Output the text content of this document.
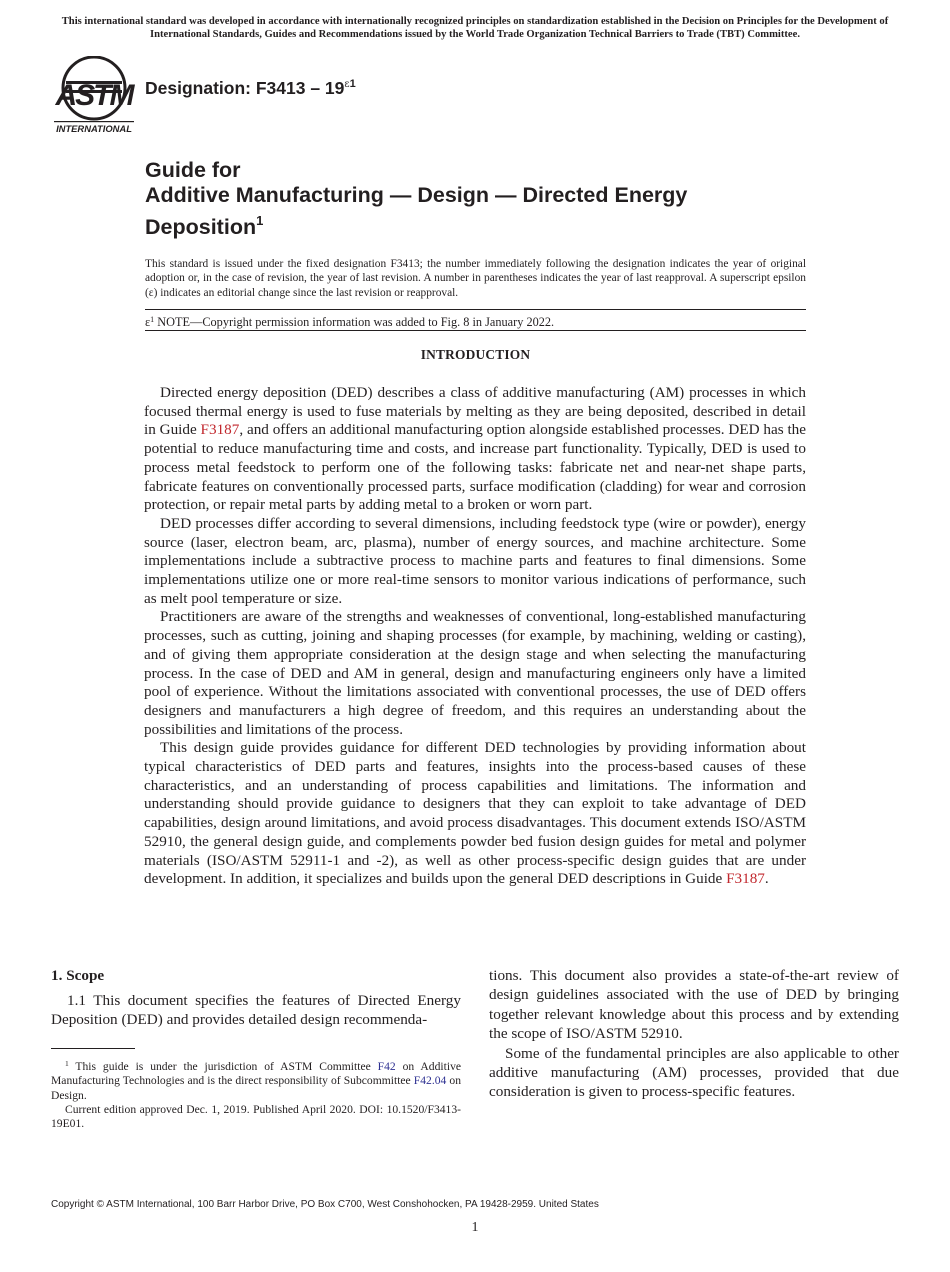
This international standard was developed in accordance with internationally recognized principles on standardization established in the Decision on Principles for the Development of International Standards, Guides and Recommendations issued by the World Trade Organization Technical Barriers to Trade (TBT) Committee.
ASTM
INTERNATIONAL
Designation: $F3413 - 19^{\varepsilon 1}$
Guide for
Additive Manufacturing — Design — Directed Energy
Deposition$^1$
This standard is issued under the fixed designation F3413; the number immediately following the designation indicates the year of original adoption or, in the case of revision, the year of last revision. A number in parentheses indicates the year of last reapproval. A superscript epsilon (ε) indicates an editorial change since the last revision or reapproval.
$\varepsilon^1$ NOTE—Copyright permission information was added to Fig. 8 in January 2022.
INTRODUCTION

Directed energy deposition (DED) describes a class of additive manufacturing (AM) processes in which focused thermal energy is used to fuse materials by melting as they are being deposited, described in detail in Guide F3187, and offers an additional manufacturing option alongside established processes. DED has the potential to reduce manufacturing time and costs, and increase part functionality. Typically, DED is used to process metal feedstock to perform one of the following tasks: fabricate net and near-net shape parts, fabricate features on conventionally processed parts, surface modification (cladding) for wear and corrosion protection, or repair metal parts by adding metal to a broken or worn part.

DED processes differ according to several dimensions, including feedstock type (wire or powder), energy source (laser, electron beam, arc, plasma), number of energy sources, and machine architecture. Some implementations include a subtractive process to machine parts and features to final dimensions. Some implementations utilize one or more real-time sensors to monitor various indications of performance, such as melt pool temperature or size.

Practitioners are aware of the strengths and weaknesses of conventional, long-established manufacturing processes, such as cutting, joining and shaping processes (for example, by machining, welding or casting), and of giving them appropriate consideration at the design stage and when selecting the manufacturing process. In the case of DED and AM in general, design and manufacturing engineers only have a limited pool of experience. Without the limitations associated with conventional processes, the use of DED offers designers and manufacturers a high degree of freedom, and this requires an understanding about the possibilities and limitations of the process.

This design guide provides guidance for different DED technologies by providing information about typical characteristics of DED parts and features, insights into the process-based causes of these characteristics, and an understanding of process capabilities and limitations. The information and understanding should provide guidance to designers that they can exploit to take advantage of DED capabilities, design around limitations, and avoid process disadvantages. This document extends ISO/ASTM 52910, the general design guide, and complements powder bed fusion design guides for metal and polymer materials (ISO/ASTM 52911-1 and -2), as well as other process-specific design guides that are under development. In addition, it specializes and builds upon the general DED descriptions in Guide F3187.

1. Scope

1.1 This document specifies the features of Directed Energy Deposition (DED) and provides detailed design recommenda-

$^1$ This guide is under the jurisdiction of ASTM Committee F42 on Additive Manufacturing Technologies and is the direct responsibility of Subcommittee F42.04 on Design.

Current edition approved Dec. 1, 2019. Published April 2020. DOI: 10.1520/F3413-19E01.

tions. This document also provides a state-of-the-art review of design guidelines associated with the use of DED by bringing together relevant knowledge about this process and by extending the scope of ISO/ASTM 52910.

Some of the fundamental principles are also applicable to other additive manufacturing (AM) processes, provided that due consideration is given to process-specific features.

Copyright © ASTM International, 100 Barr Harbor Drive, PO Box C700, West Conshohocken, PA 19428-2959. United States
1
